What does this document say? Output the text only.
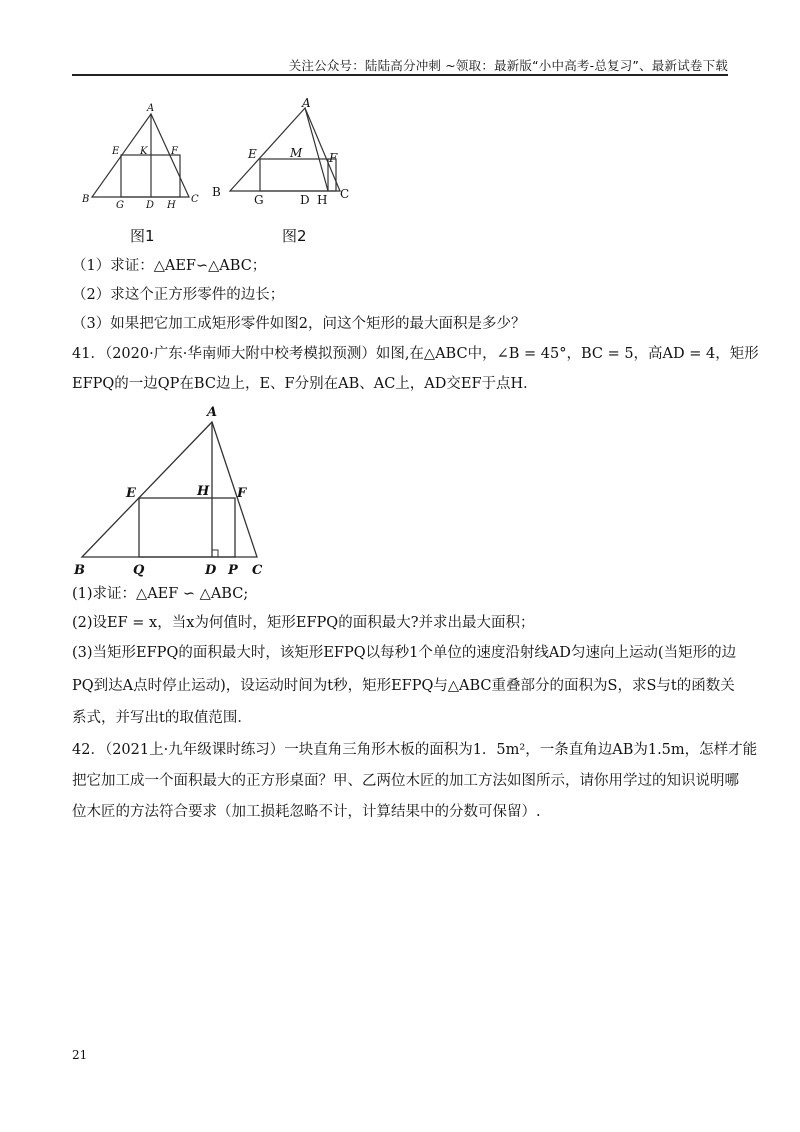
关注公众号：陆陆高分冲刺 ~领取：最新版“小中高考-总复习”、最新试卷下载
A
E K F
B
G D H
C
图1
A
E	M F
B
G	D H C
图2
（1）求证：△AEF∽△ABC；
（2）求这个正方形零件的边长；
（3）如果把它加工成矩形零件如图2，问这个矩形的最大面积是多少？
41．（2020·广东·华南师大附中校考模拟预测）如图,在△ABC中，∠B = 45°，BC = 5，高AD = 4，矩形
EFPQ的一边QP在BC边上，E、F分别在AB、AC上，AD交EF于点H．
A
E	H F
B	Q	D P C
(1)求证：△AEF ∽ △ABC;
(2)设EF = x，当x为何值时，矩形EFPQ的面积最大?并求出最大面积；
(3)当矩形EFPQ的面积最大时，该矩形EFPQ以每秒1个单位的速度沿射线AD匀速向上运动(当矩形的边
PQ到达A点时停止运动)，设运动时间为t秒，矩形EFPQ与△ABC重叠部分的面积为S，求S与t的函数关
系式，并写出t的取值范围．
42．（2021上·九年级课时练习）一块直角三角形木板的面积为1．5m²，一条直角边AB为1.5m，怎样才能
把它加工成一个面积最大的正方形桌面？甲、乙两位木匠的加工方法如图所示，请你用学过的知识说明哪
位木匠的方法符合要求（加工损耗忽略不计，计算结果中的分数可保留）.
21
